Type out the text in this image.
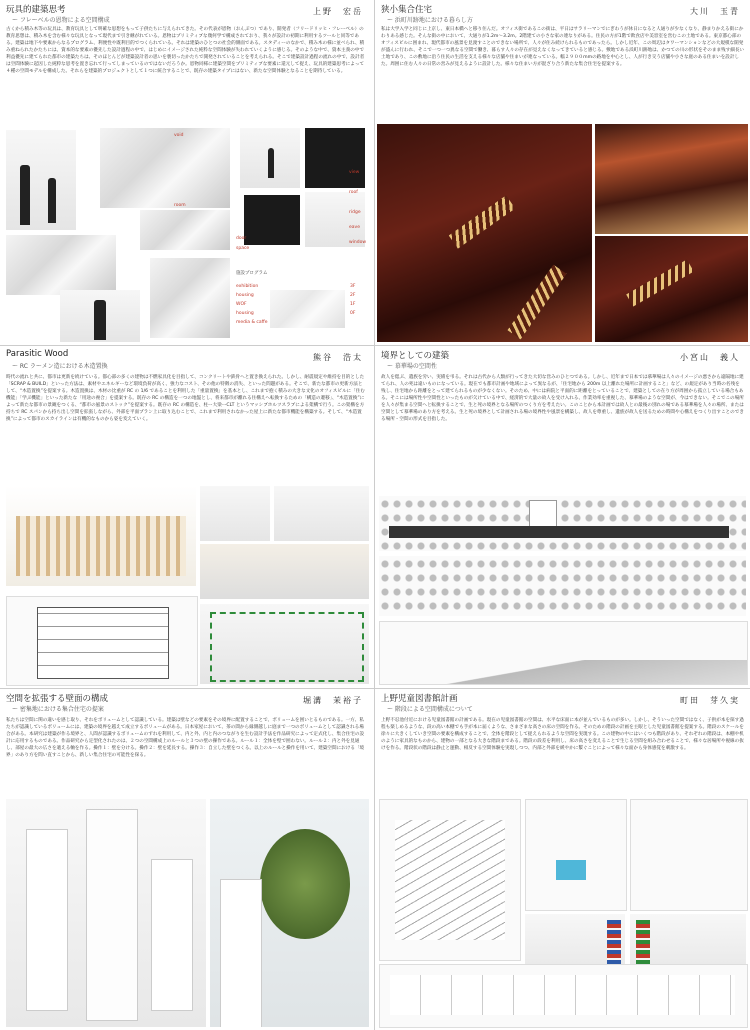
玩具的建築思考
ー フレーベルの恩物による空間構成
上野　宏岳
古くから積み木等の玩具は、教育玩具として明確な思想をもって子供たちに与えられてきた。その代表が恩物（おんぶつ）であり、開発者（フリードリッヒ・フレーベル）の教育思想は、積み木を含む様々な玩具となって現代まで引き継がれている。恩物はプリミティブな幾何学で構成されており、我々が設計の初期に利用するツールと同等である。建築は地下や要素からなるプログラム、利便性や既利目的でつくられている。それは建築のひとつの社会的側面である。スタディーのなかで、積み木の様に並べられ、積み重ねられたかたちには、資本的な要素の優先した設計過程の中で、はじめにイメージされた純粋な空間体験が失われていくように感じる。そのような中で、資本主義の中で利益優先に建てられた都市の建築たちは、そのほとんどが建築設計者の思いを裏切ったかたちで開発されていることを考えられる。そこで建築設計過程の流れの中で、設計者は空間体験に起因した純粋な思考を置き忘れて行ってしまっているのではないだろうか。恩物同様に建築空間をプリミティブな要素に還元して捉え、玩具的建築思考によって４種の空間モデルを構成した。それらを建築的プロジェクトとして１つに統合することで、既存の建築タイプにはない、新たな空間体験となることを期待している。
void
room
space
view
roof
ridge
eave
window
door
施設プログラム
exhibition
housing
WOF
housing
media & caffe
3F
2F
1F
0F
狭小集合住宅
ー 浜町川跡地における暮らし方
大川　玉青
私は大学入学と同じに上京し、東日本橋へと移り住んだ。オフィス街であるこの街は、平日はサラリーマンでにぎわうが休日になると人通りが少なくなり、静まりかえる街にかわりある感じた。そんな街の中において、大通りが1.2m〜3.2m。2階建ての小さな家の連なりがある。住民の方が1階で飲食店や美容室を営むこの土地である。東京都心部のオフィスビルに囲まれ、現代都市の風景を見渡すことのできない場所で、人々が住み続けられるものであったら。しかし近年、この周辺はタワーマンションなどの大規模な開発が盛んに行われ、そこで一つ一つ異なる空間で働き、暮らす人々の存在が見えなくなってきていると感じる。敷地である浜町川跡地は、かつての川の形状をそのまま残す細長い土地であり、この敷地に沿う住民の生活を支える様々な店舗や住まいが連なっている。幅２９００mmの路地を中心とし、人が行き交う店舗や小さな庭のある住まいを設計した。周囲に住む人々の日常の営みが見えるように設計した。様々な住まい方が混ざり合う新たな集合住宅を提案する。
Parasitic Wood
ー RC ラーメン造における木造置換
熊谷　浩太
時代の流れと共に、都市は更新を続けている。都心部の多くの建物は不燃家具化を目指して、コンクリートや鉄骨へと置き換えられた。しかし、耐震規定や維持を目的とした「SCRAP & BUILD」といった方法は、素材やエネルギーなど環境負荷が高く、強力なコスト、その他の特徴の消失、といった問題がある。そこで、新たな都市の更新方法として、“木造置換”を提案する。木造置換は、木材の比重が RC の 1/6 であることを利用した「重量置換」を基本とし、これまで抱く積みの大きな文化のオフィスビルに「住む機能」「学ぶ機能」といった新たな「用途の複合」を提案する。既存の RC の構造を一つの地盤とし、将来都市が離れる住構えへ転換するための「構造の遷移」、“木造置換”によって新たな都市の景観をつくる、“都市の風景のストック”を提案する。既存の RC の構造を、柱ー大梁ーCLT というマッシブホルツスラブによる架構で行う。この架構を方持ちで RC スパンから持ち出し空間を拡張しながら、外部を平面プラン上に取り込むことで、これまで利用されなかった屋上に新たな都市機能を構築する。そして、“木造置換”によって都市のスカイラインは有機的なものから姿を変えていく。
境界としての建築
ー 慕華場の空間性
小宮山　義人
故人を偲ぶ、遺族を労い、実績を弔る。それは古代から人類が行ってきた大切な営みのひとつである。しかし、近年まで日本では慕華場は人々のイメージの悪さから遠隔地に建てられ、人の死は遠いものになっている。現在でも都市計画や地域によって異なるが、「住宅地から 200m 以上離れた場所に計画すること」など、の規定があり当時の名残を残し、住宅地から距離をとって建てられるものが少なくない。そのため、中には病院と平面的に距離をとっていることで、建築としての在り方が周囲から孤立している場合もある。そこには場所性や空間性といったものが欠けている中で、経済的で大量の故人を受け入れる、作業効率を重視した、慕華場のような空間が、今はできない。そこでこの場所を人々が集まる空間へと転換することで、生と死の境界となる場所のつくり方を考えたい。このことから本計画では故人との最後の別れの場である慕華場を人々の場所、または空間として慕華場のあり方を考える。生と死の境界として計画される場の境界性や風景を構築し、故人を尊重し、遺族が故人を送るための時間や心構えをつくり出すことのできる場所・空間の形式を目指した。
空間を拡張する壁面の構成
ー 密集地における集合住宅の提案
堀溝　茉裕子
私たちは空間に関の違いを感じ取り、それをボリュームとして認識している。建築は壁などの要素をその境界に配置することで、ボリュームを囲いとるものである。一方、私たちが認識しているボリュームには、建築の境界を越えて成立するボリュームがある。日本家屋において、茶の間から縁側越しに庭まで一つのボリュームとして認識される場合がある。本研究は建築が作る境界と、人間が認識するボリュームのずれを利用して、内と外、内と内のつながりを生む設計手法を作品研究によって定式化し、集合住宅の設計に応用するものである。作品研究から定型化されたのは、２つの空間構成上のルールと３つの壁の操作である。ルール１：全体を壁で囲わない。ルール２：内と外を見通し、部屋の最大の広さを適える軸を作る。操作１：壁を分ける。操作２：壁を延長する。操作３：自立した壁をつくる。以上のルールと操作を用いて、建築空間における「境界」のあり方を問い直すことから、新しい集合住宅の可能性を探る。
上野児童図書館計画
ー 階段による空間構成について
町田　芽久実
上野不忍池付近における児童図書館の計画である。現在の児童図書館の空間は、水平な床面に本が並んでいるものが多い。しかし、そういった空間ではなく、子供が本を探す過程も楽しめるような、段の高い本棚でも手が本に届くような、さまざまな高さの床の空間を作る。そのための階段の計画を主眼とした児童図書館を提案する。階段のスケールを徐々に大きくしていき空間の要素を構成することで、全体を階段として捉えられるような空間を実現する。この建物の中にはいくつも階段があり、それぞれの階段は、本棚や机のように家具的なものから、建物の一部となる大きな階段まである。階段の段差を利用し、床の高さを変えることで生じる空間を組み合わせることで、様々な居場所や視線の抜けを作る。階段状の階段は静止と運動、相反する空間体験を実現しつつ、内部と外部を緩やかに繋ぐことによって様々な面から身体感覚を刺激する。
